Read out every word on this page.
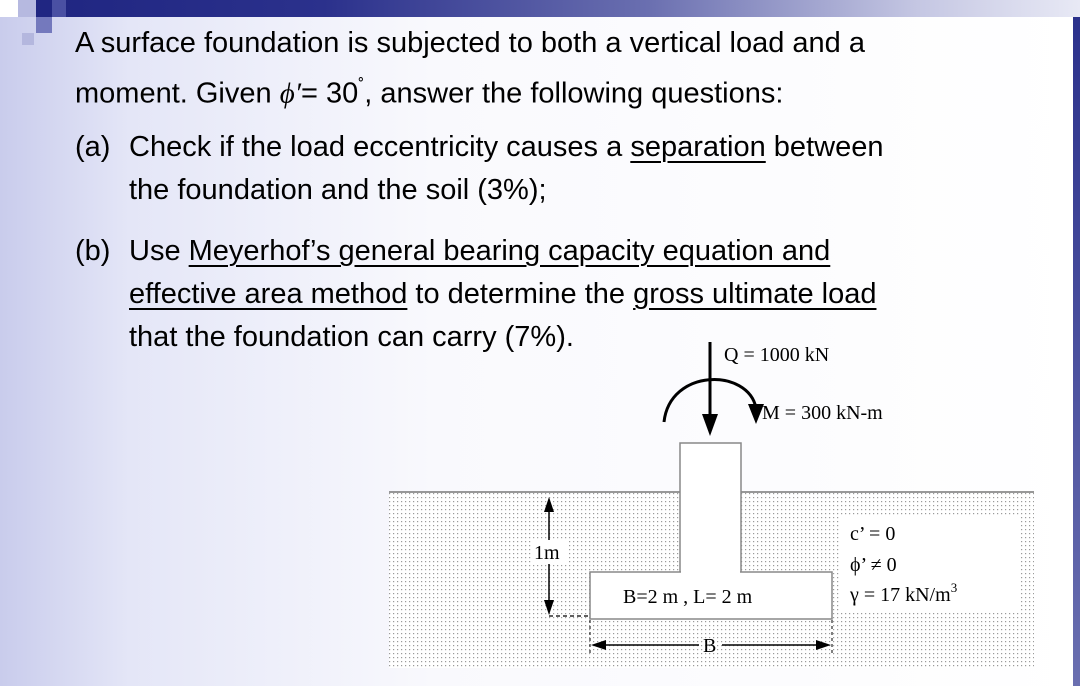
A surface foundation is subjected to both a vertical load and a
moment. Given ϕ′= 30˚, answer the following questions:
(a) Check if the load eccentricity causes a separation between
the foundation and the soil (3%);
(b) Use Meyerhof’s general bearing capacity equation and
effective area method to determine the gross ultimate load
that the foundation can carry (7%).
B=2 m , L= 2 m
Q = 1000 kN
M = 300 kN-m
1m
B
c’ = 0
ϕ’ ≠ 0
γ = 17 $kN/m^3$
